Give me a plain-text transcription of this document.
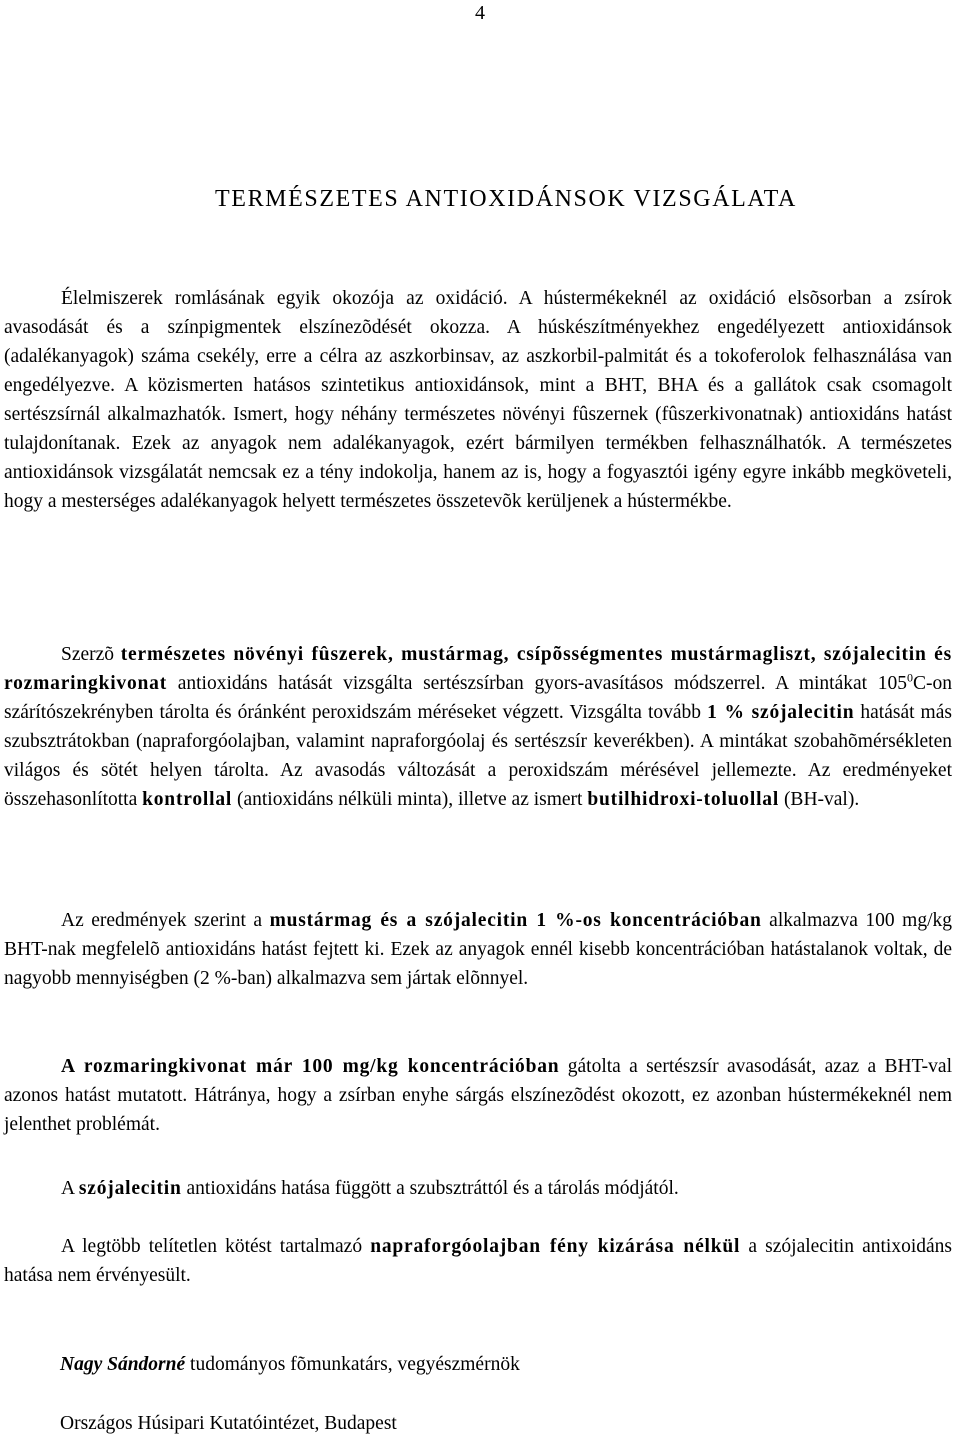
4
TERMÉSZETES ANTIOXIDÁNSOK VIZSGÁLATA

Élelmiszerek romlásának egyik okozója az oxidáció. A hústermékeknél az oxidáció elsõsorban a zsírok avasodását és a színpigmentek elszínezõdését okozza. A húskészítményekhez engedélyezett antioxidánsok (adalékanyagok) száma csekély, erre a célra az aszkorbinsav, az aszkorbil-palmitát és a tokoferolok felhasználása van engedélyezve. A közismerten hatásos szintetikus antioxidánsok, mint a BHT, BHA és a gallátok csak csomagolt sertészsírnál alkalmazhatók. Ismert, hogy néhány természetes növényi fûszernek (fûszerkivonatnak) antioxidáns hatást tulajdonítanak. Ezek az anyagok nem adalékanyagok, ezért bármilyen termékben felhasználhatók. A természetes antioxidánsok vizsgálatát nemcsak ez a tény indokolja, hanem az is, hogy a fogyasztói igény egyre inkább megköveteli, hogy a mesterséges adalékanyagok helyett természetes összetevõk kerüljenek a hústermékbe.

Szerzõ természetes növényi fûszerek, mustármag, csípõsségmentes mustármagliszt, szójalecitin és rozmaringkivonat antioxidáns hatását vizsgálta sertészsírban gyors-avasításos módszerrel. A mintákat $105^0C-on$ szárítószekrényben tárolta és óránként peroxidszám méréseket végzett. Vizsgálta tovább 1 % szójalecitin hatását más szubsztrátokban (napraforgóolajban, valamint napraforgóolaj és sertészsír keverékben). A mintákat szobahõmérsékleten világos és sötét helyen tárolta. Az avasodás változását a peroxidszám mérésével jellemezte. Az eredményeket összehasonlította kontrollal (antioxidáns nélküli minta), illetve az ismert butilhidroxi-toluollal (BH-val).

Az eredmények szerint a mustármag és a szójalecitin 1 %-os koncentrációban alkalmazva 100 mg/kg BHT-nak megfelelõ antioxidáns hatást fejtett ki. Ezek az anyagok ennél kisebb koncentrációban hatástalanok voltak, de nagyobb mennyiségben (2 %-ban) alkalmazva sem jártak elõnnyel.

A rozmaringkivonat már 100 mg/kg koncentrációban gátolta a sertészsír avasodását, azaz a BHT-val azonos hatást mutatott. Hátránya, hogy a zsírban enyhe sárgás elszínezõdést okozott, ez azonban hústermékeknél nem jelenthet problémát.

A szójalecitin antioxidáns hatása függött a szubsztráttól és a tárolás módjától.

A legtöbb telítetlen kötést tartalmazó napraforgóolajban fény kizárása nélkül a szójalecitin antixoidáns hatása nem érvényesült.

Nagy Sándorné tudományos fõmunkatárs, vegyészmérnök

Országos Húsipari Kutatóintézet, Budapest
